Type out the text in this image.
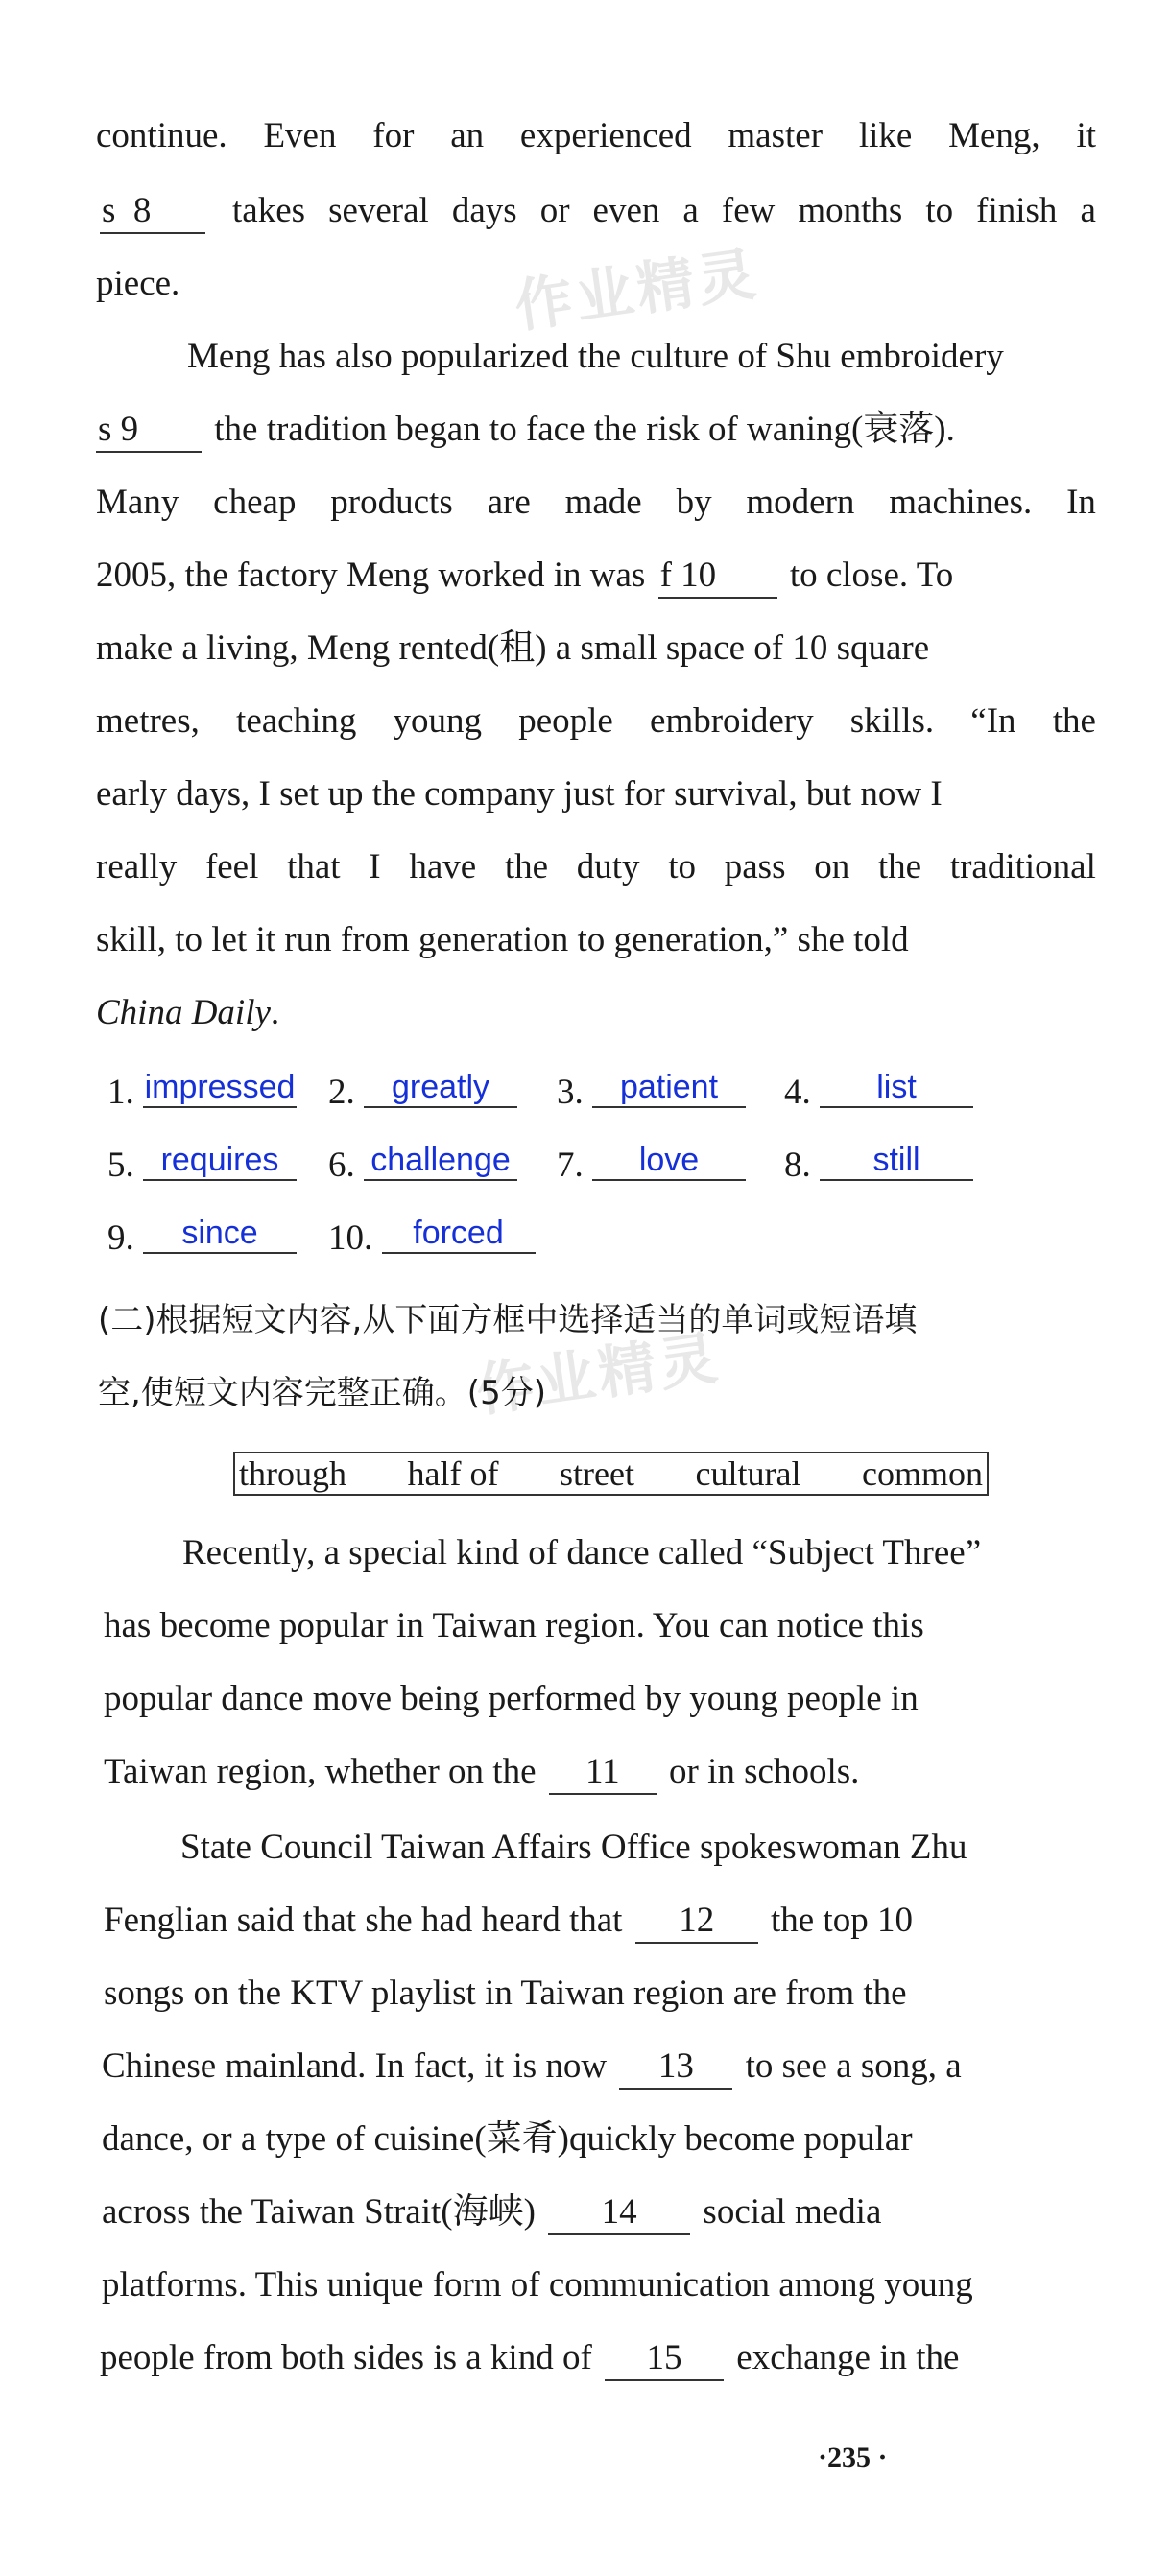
作业精灵
作业精灵
continue. Even for an experienced master like Meng, it
s  8	takes several days or even a few months to finish a
piece.
Meng has also popularized the culture of Shu embroidery
s 9 the tradition began to face the risk of waning(衰落).
Many cheap products are made by modern machines. In
2005, the factory Meng worked in was f 10 to close. To
make a living, Meng rented(租) a small space of 10 square
metres, teaching young people embroidery skills. “In the
early days, I set up the company just for survival, but now I
really feel that I have the duty to pass on the traditional
skill, to let it run from generation to generation,” she told
China Daily.
1. impressed 2. greatly	3. patient	4. list
5. requires	6. challenge 7. love	8. still
9. since	10. forced
(二)根据短文内容,从下面方框中选择适当的单词或短语填
空,使短文内容完整正确。(5分)
through half of street cultural common
Recently, a special kind of dance called “Subject Three”
has become popular in Taiwan region. You can notice this
popular dance move being performed by young people in
Taiwan region, whether on the 11 or in schools.
State Council Taiwan Affairs Office spokeswoman Zhu
Fenglian said that she had heard that 12 the top 10
songs on the KTV playlist in Taiwan region are from the
Chinese mainland. In fact, it is now 13 to see a song, a
dance, or a type of cuisine(菜肴)quickly become popular
across the Taiwan Strait(海峡) 14 social media
platforms. This unique form of communication among young
people from both sides is a kind of 15 exchange in the
·235 ·
